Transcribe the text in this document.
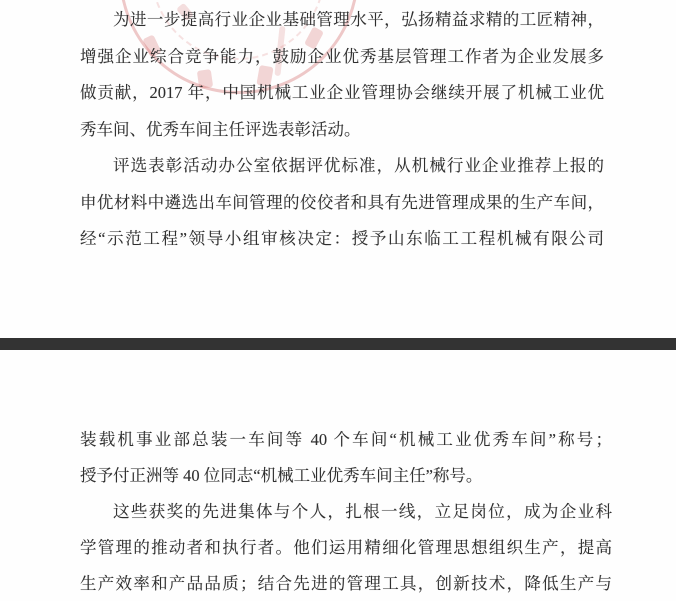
为进一步提高行业企业基础管理水平，弘扬精益求精的工匠精神，
增强企业综合竞争能力，鼓励企业优秀基层管理工作者为企业发展多
做贡献，2017 年，中国机械工业企业管理协会继续开展了机械工业优
秀车间、优秀车间主任评选表彰活动。
评选表彰活动办公室依据评优标准，从机械行业企业推荐上报的
申优材料中遴选出车间管理的佼佼者和具有先进管理成果的生产车间，
经“示范工程”领导小组审核决定：授予山东临工工程机械有限公司
装载机事业部总装一车间等 40 个车间“机械工业优秀车间”称号；
授予付正洲等 40 位同志“机械工业优秀车间主任”称号。
这些获奖的先进集体与个人，扎根一线，立足岗位，成为企业科
学管理的推动者和执行者。他们运用精细化管理思想组织生产，提高
生产效率和产品品质；结合先进的管理工具，创新技术，降低生产与
